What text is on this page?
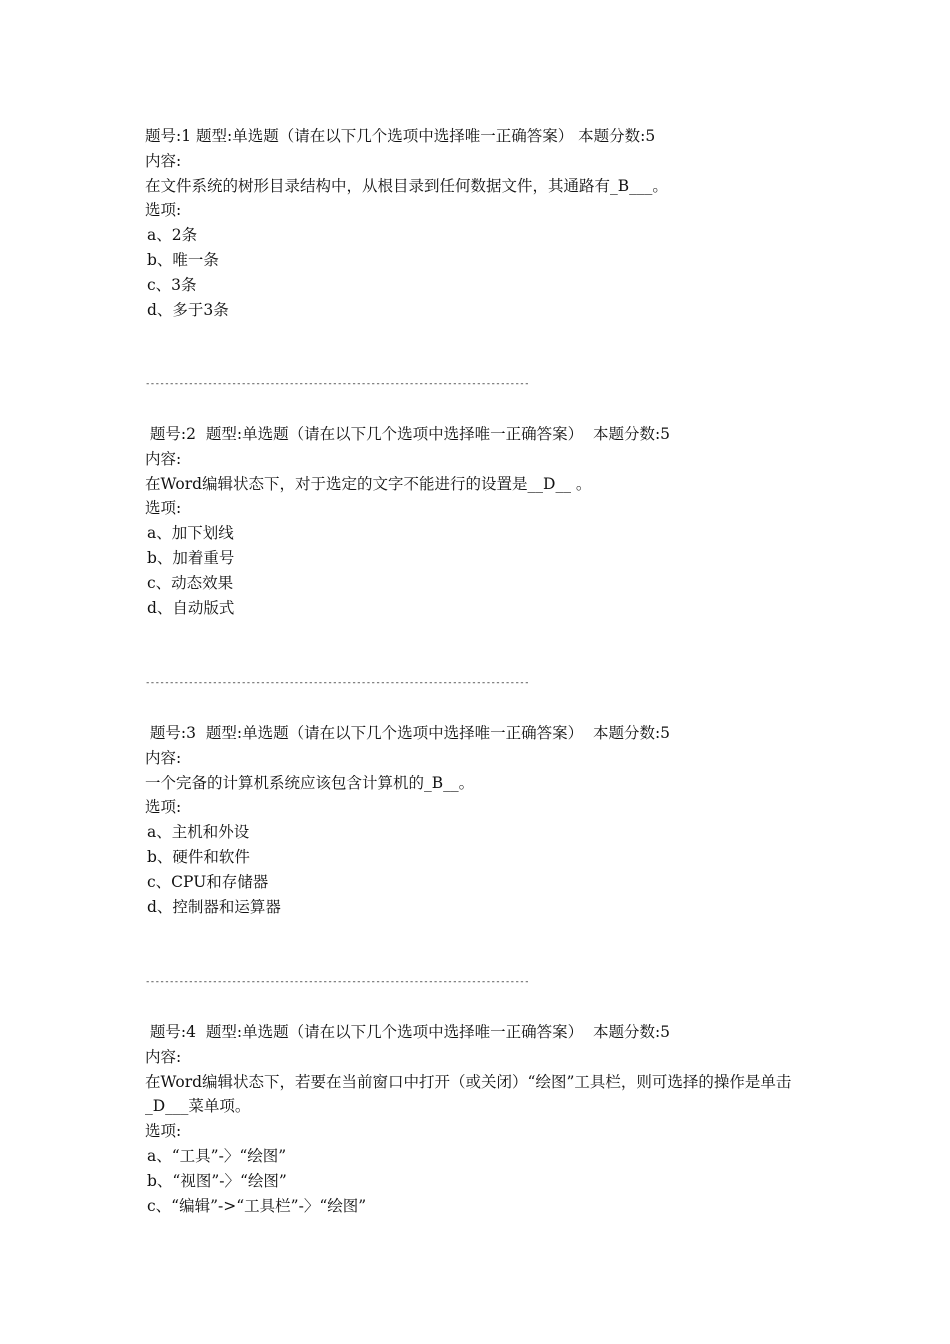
题号:1 题型:单选题（请在以下几个选项中选择唯一正确答案） 本题分数:5
内容:
在文件系统的树形目录结构中，从根目录到任何数据文件，其通路有_B___。
选项:
a、2条
b、唯一条
c、3条
d、多于3条
--------------------------------------------------------------------------------
题号:2  题型:单选题（请在以下几个选项中选择唯一正确答案）  本题分数:5
内容:
在Word编辑状态下，对于选定的文字不能进行的设置是__D__ 。
选项:
a、加下划线
b、加着重号
c、动态效果
d、自动版式
--------------------------------------------------------------------------------
题号:3  题型:单选题（请在以下几个选项中选择唯一正确答案）  本题分数:5
内容:
一个完备的计算机系统应该包含计算机的_B__。
选项:
a、主机和外设
b、硬件和软件
c、CPU和存储器
d、控制器和运算器
--------------------------------------------------------------------------------
题号:4  题型:单选题（请在以下几个选项中选择唯一正确答案）  本题分数:5
内容:
在Word编辑状态下，若要在当前窗口中打开（或关闭）“绘图”工具栏，则可选择的操作是单击_D___菜单项。
选项:
a、“工具”-〉“绘图”
b、“视图”-〉“绘图”
c、“编辑”->“工具栏”-〉“绘图”
